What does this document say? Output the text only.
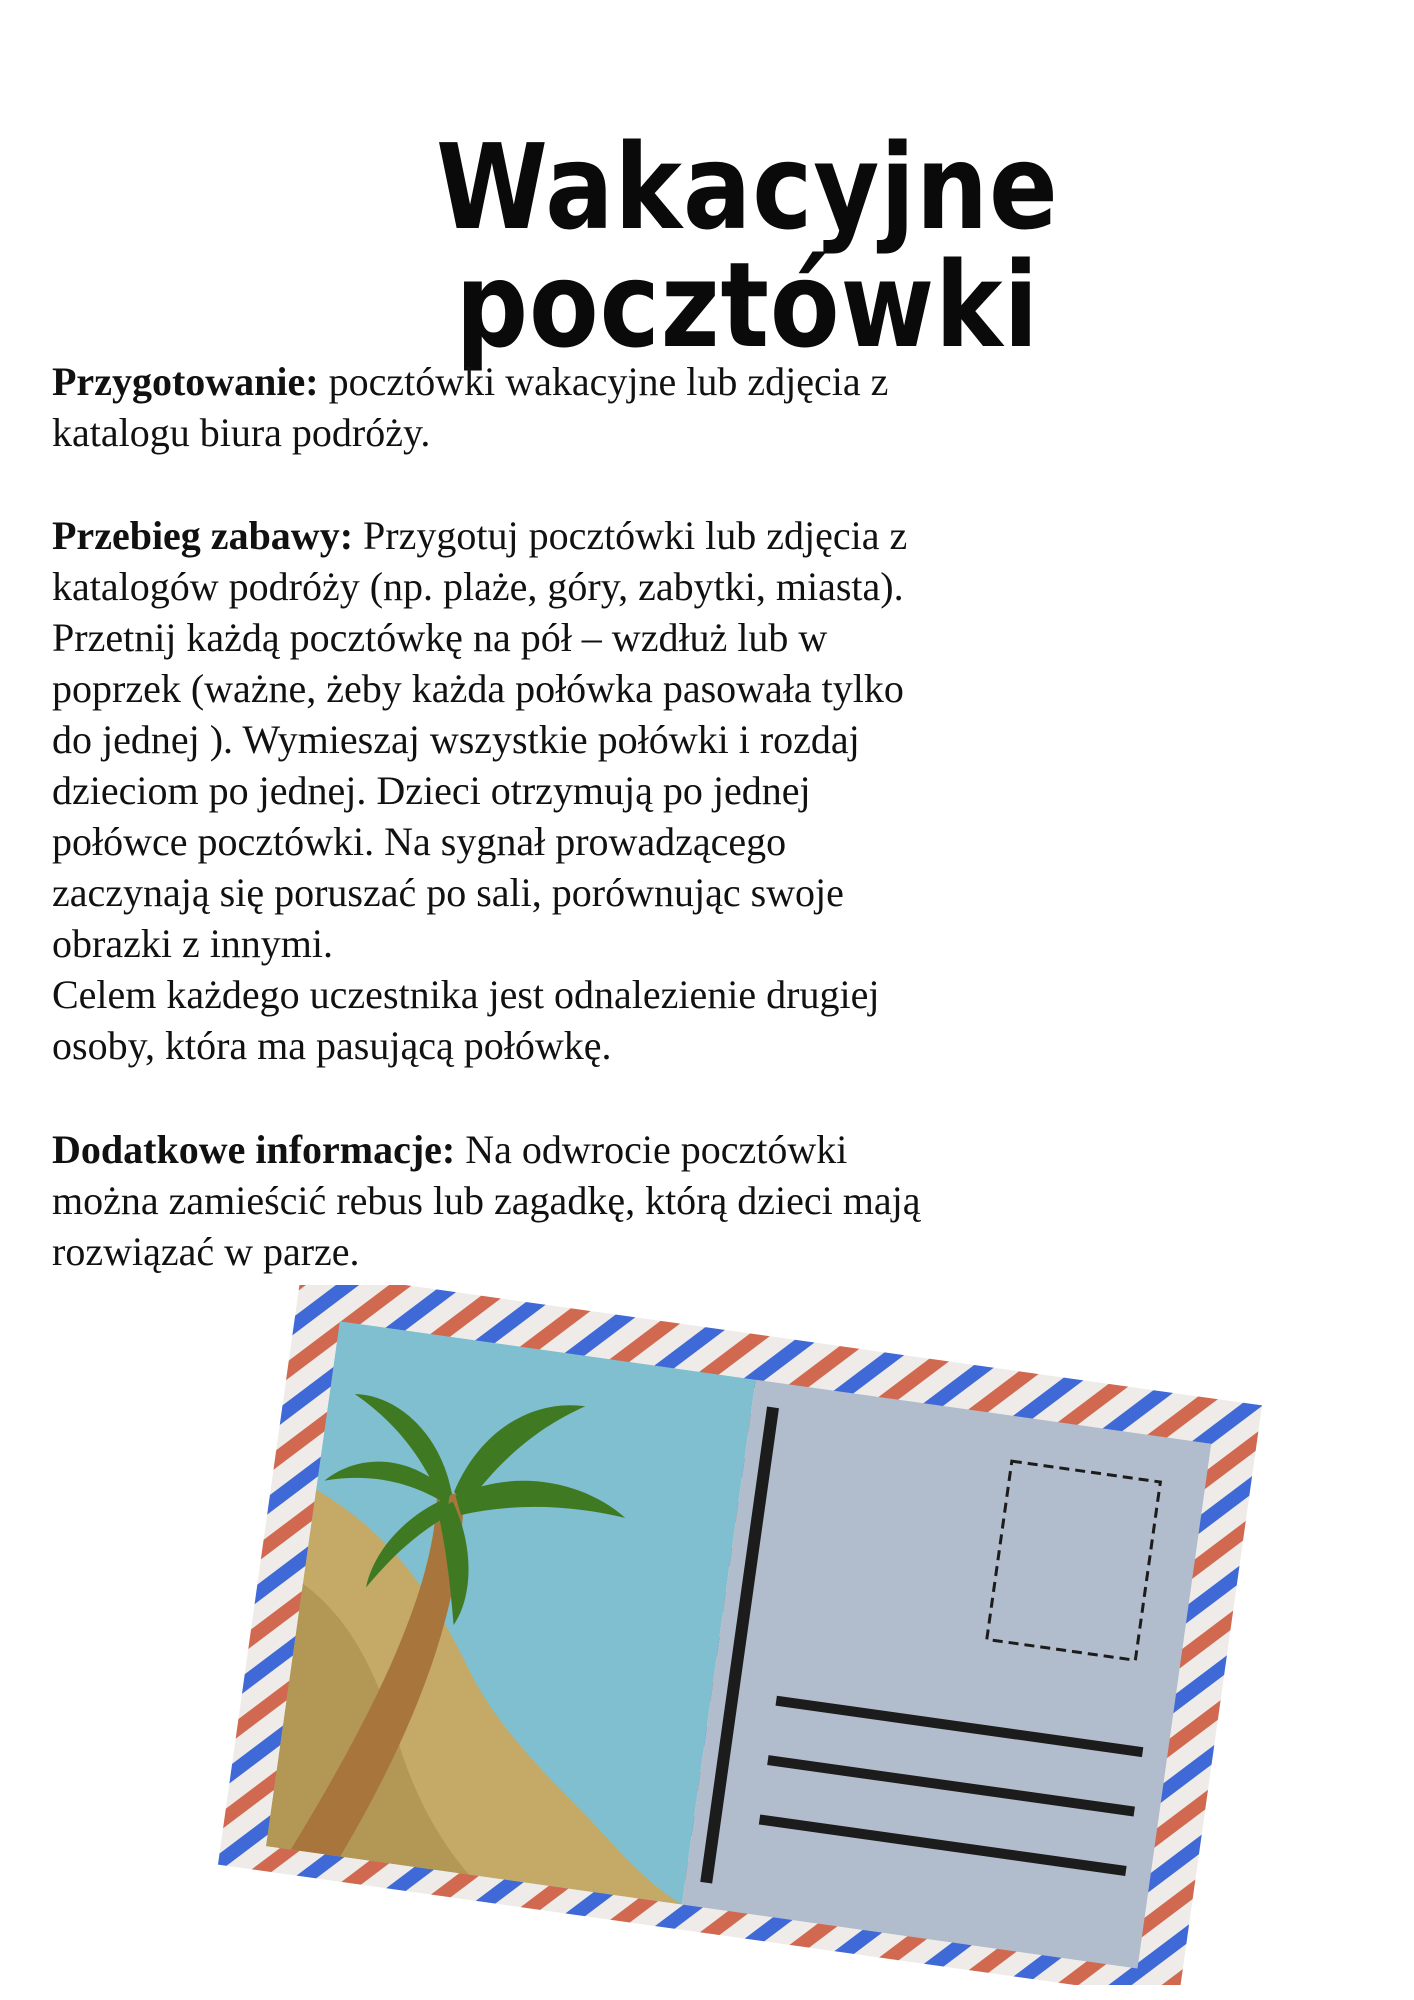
Wakacyjne pocztówki
Przygotowanie: pocztówki wakacyjne lub zdjęcia z
katalogu biura podróży.
Przebieg zabawy: Przygotuj pocztówki lub zdjęcia z
katalogów podróży (np. plaże, góry, zabytki, miasta).
Przetnij każdą pocztówkę na pół – wzdłuż lub w
poprzek (ważne, żeby każda połówka pasowała tylko
do jednej ). Wymieszaj wszystkie połówki i rozdaj
dzieciom po jednej. Dzieci otrzymują po jednej
połówce pocztówki. Na sygnał prowadzącego
zaczynają się poruszać po sali, porównując swoje
obrazki z innymi.
Celem każdego uczestnika jest odnalezienie drugiej
osoby, która ma pasującą połówkę.
Dodatkowe informacje: Na odwrocie pocztówki
można zamieścić rebus lub zagadkę, którą dzieci mają
rozwiązać w parze.
